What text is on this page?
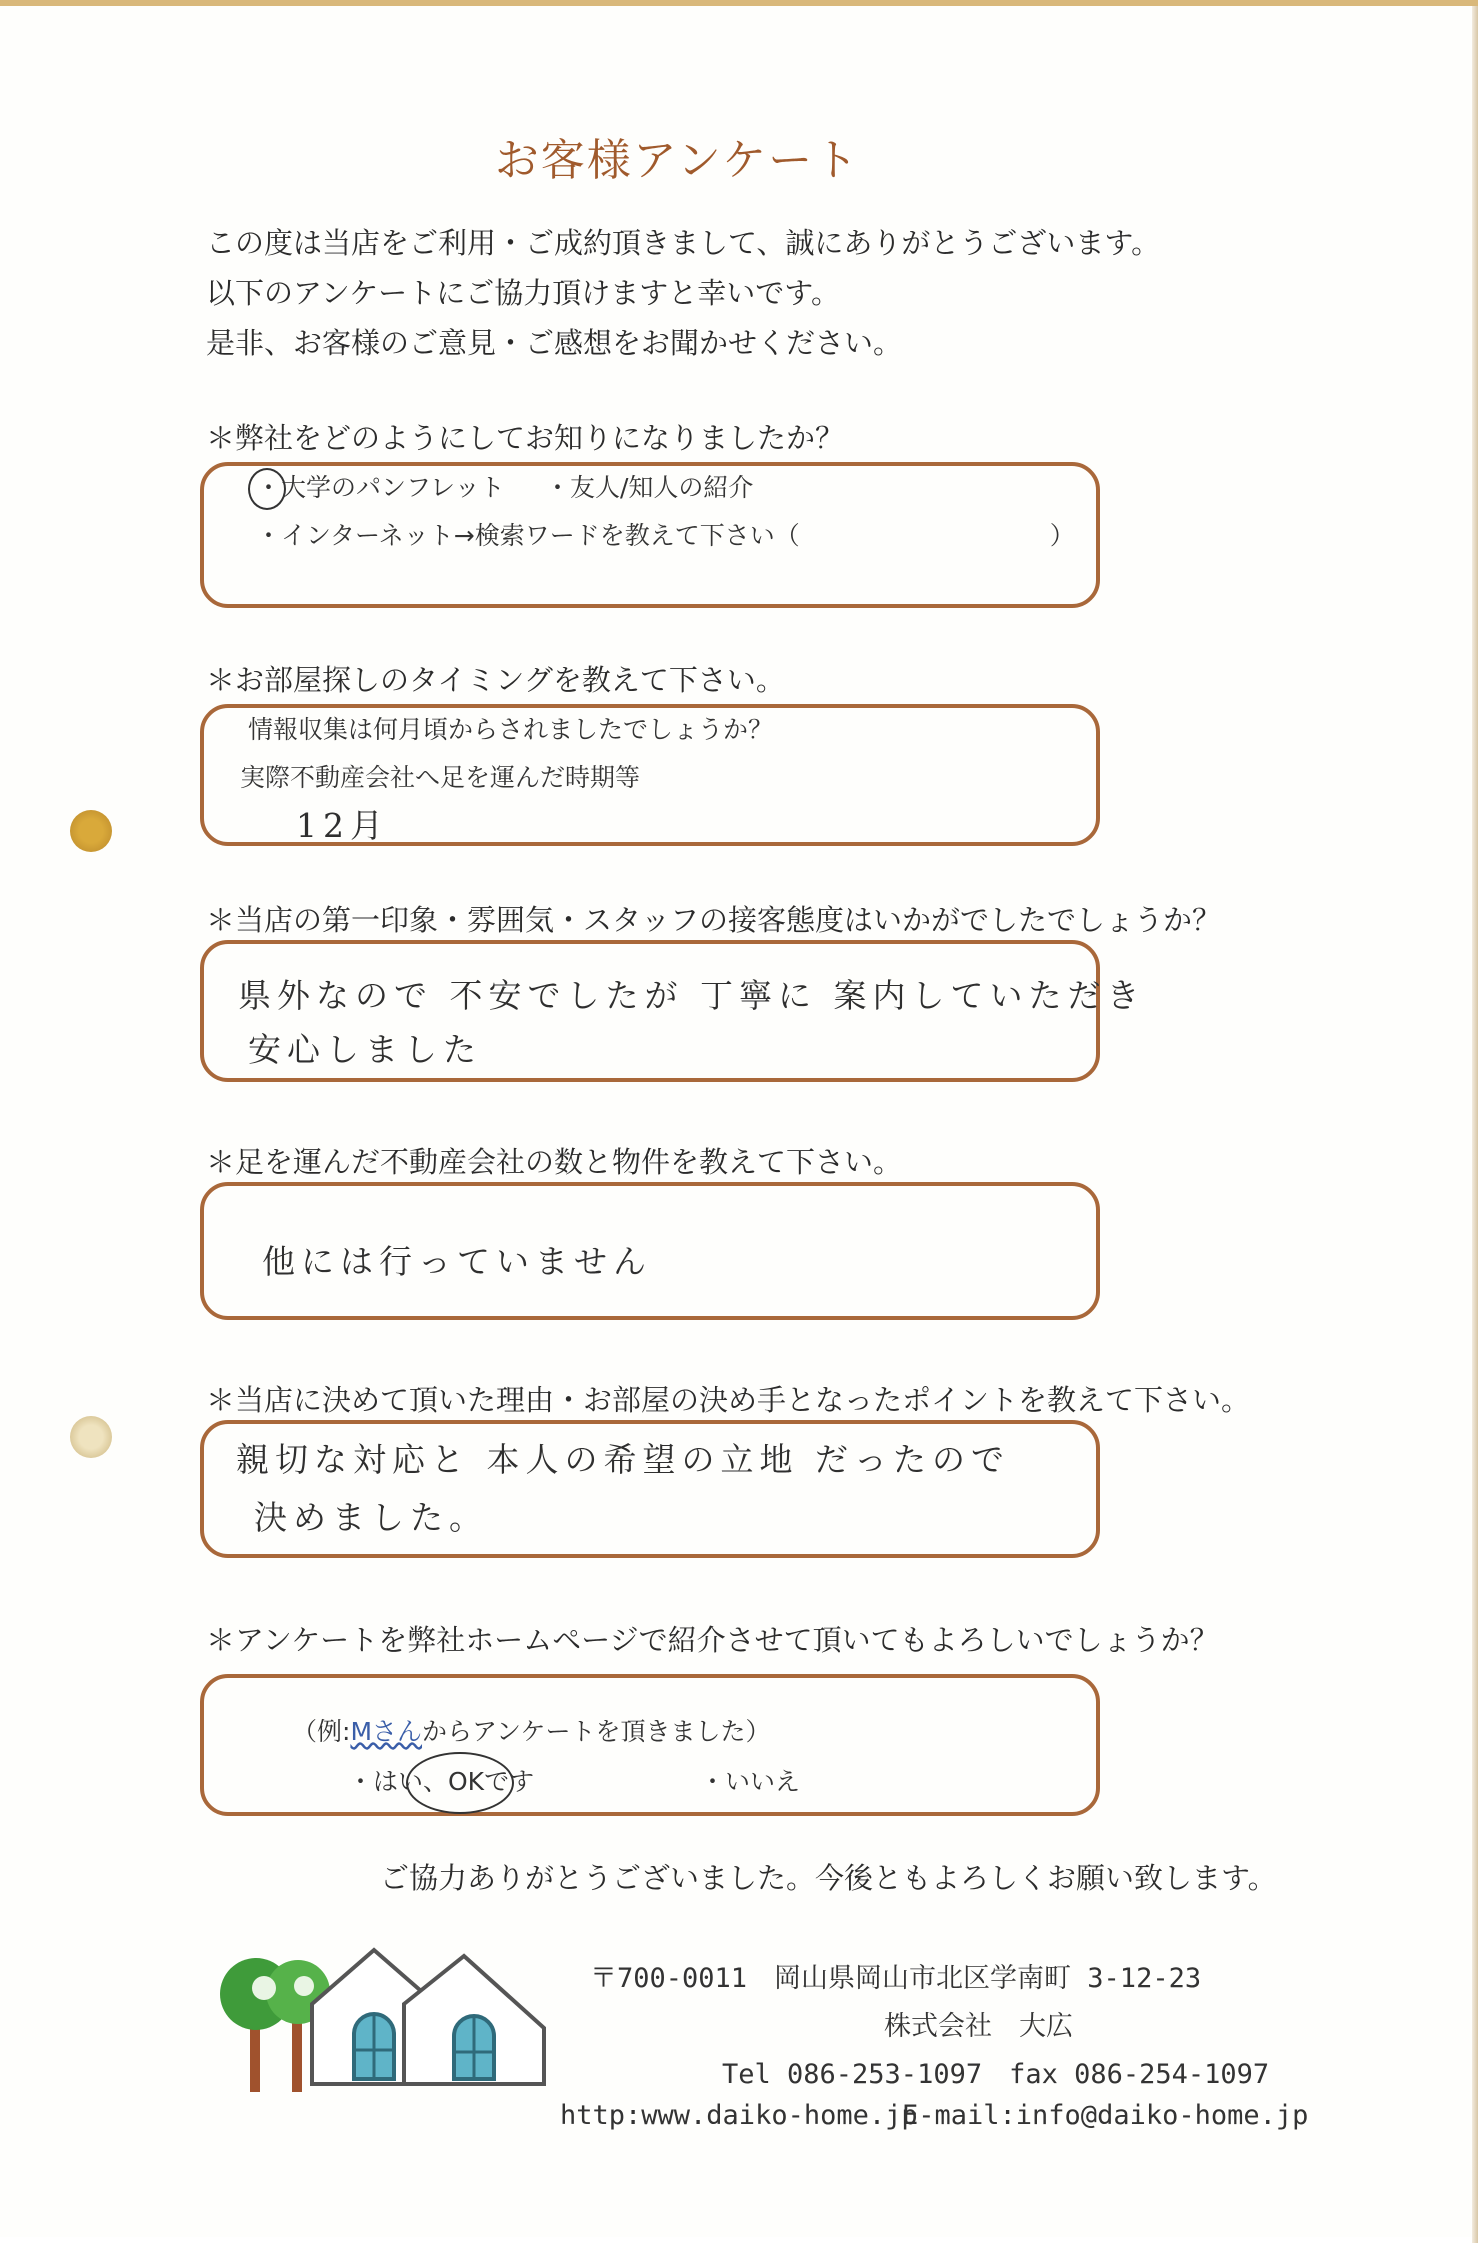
お客様アンケート
この度は当店をご利用・ご成約頂きまして、誠にありがとうございます。
以下のアンケートにご協力頂けますと幸いです。
是非、お客様のご意見・ご感想をお聞かせください。
＊弊社をどのようにしてお知りになりましたか？
・大学のパンフレット ・友人/知人の紹介
・インターネット→検索ワードを教えて下さい（　　　　　　　　　　）
＊お部屋探しのタイミングを教えて下さい。
情報収集は何月頃からされましたでしょうか？
実際不動産会社へ足を運んだ時期等
12月
＊当店の第一印象・雰囲気・スタッフの接客態度はいかがでしたでしょうか？
県外なので 不安でしたが 丁寧に 案内していただき
安心しました
＊足を運んだ不動産会社の数と物件を教えて下さい。
他には行っていません
＊当店に決めて頂いた理由・お部屋の決め手となったポイントを教えて下さい。
親切な対応と 本人の希望の立地 だったので
決めました。
＊アンケートを弊社ホームページで紹介させて頂いてもよろしいでしょうか？
（例:Mさんからアンケートを頂きました）
・はい、OKです	・いいえ
ご協力ありがとうございました。今後ともよろしくお願い致します。
〒700-0011　岡山県岡山市北区学南町 3-12-23
株式会社　大広
Tel 086-253-1097　fax 086-254-1097
http:www.daiko-home.jp
E-mail:info@daiko-home.jp
